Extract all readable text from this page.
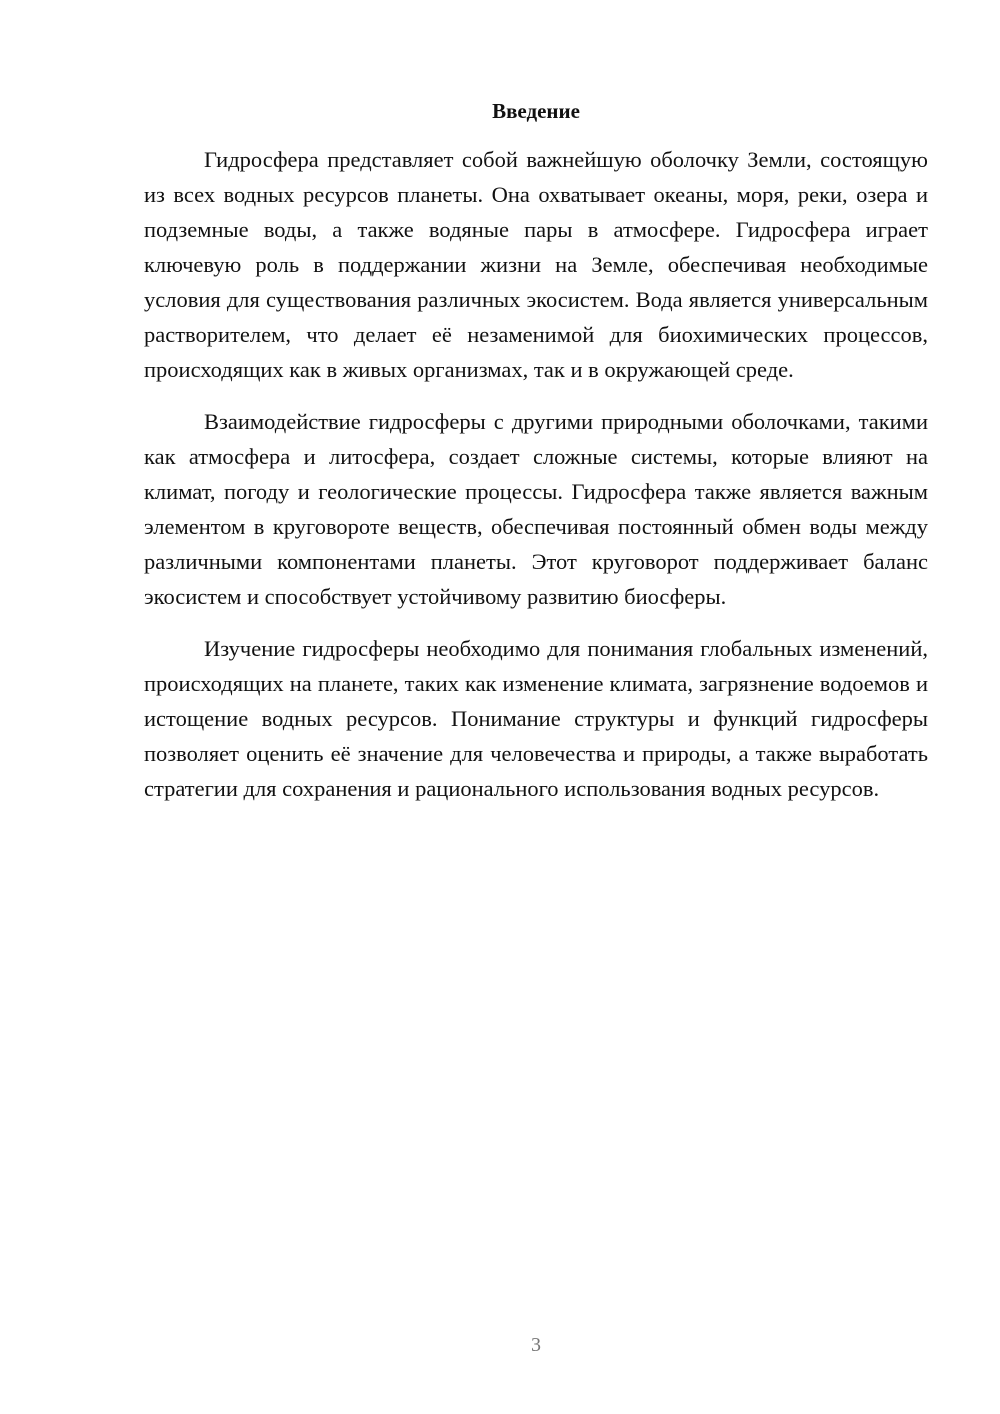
Введение

Гидросфера представляет собой важнейшую оболочку Земли, состоящую из всех водных ресурсов планеты. Она охватывает океаны, моря, реки, озера и подземные воды, а также водяные пары в атмосфере. Гидросфера играет ключевую роль в поддержании жизни на Земле, обеспечивая необходимые условия для существования различных экосистем. Вода является универсальным растворителем, что делает её незаменимой для биохимических процессов, происходящих как в живых организмах, так и в окружающей среде.

Взаимодействие гидросферы с другими природными оболочками, такими как атмосфера и литосфера, создает сложные системы, которые влияют на климат, погоду и геологические процессы. Гидросфера также является важным элементом в круговороте веществ, обеспечивая постоянный обмен воды между различными компонентами планеты. Этот круговорот поддерживает баланс экосистем и способствует устойчивому развитию биосферы.

Изучение гидросферы необходимо для понимания глобальных изменений, происходящих на планете, таких как изменение климата, загрязнение водоемов и истощение водных ресурсов. Понимание структуры и функций гидросферы позволяет оценить её значение для человечества и природы, а также выработать стратегии для сохранения и рационального использования водных ресурсов.

3
